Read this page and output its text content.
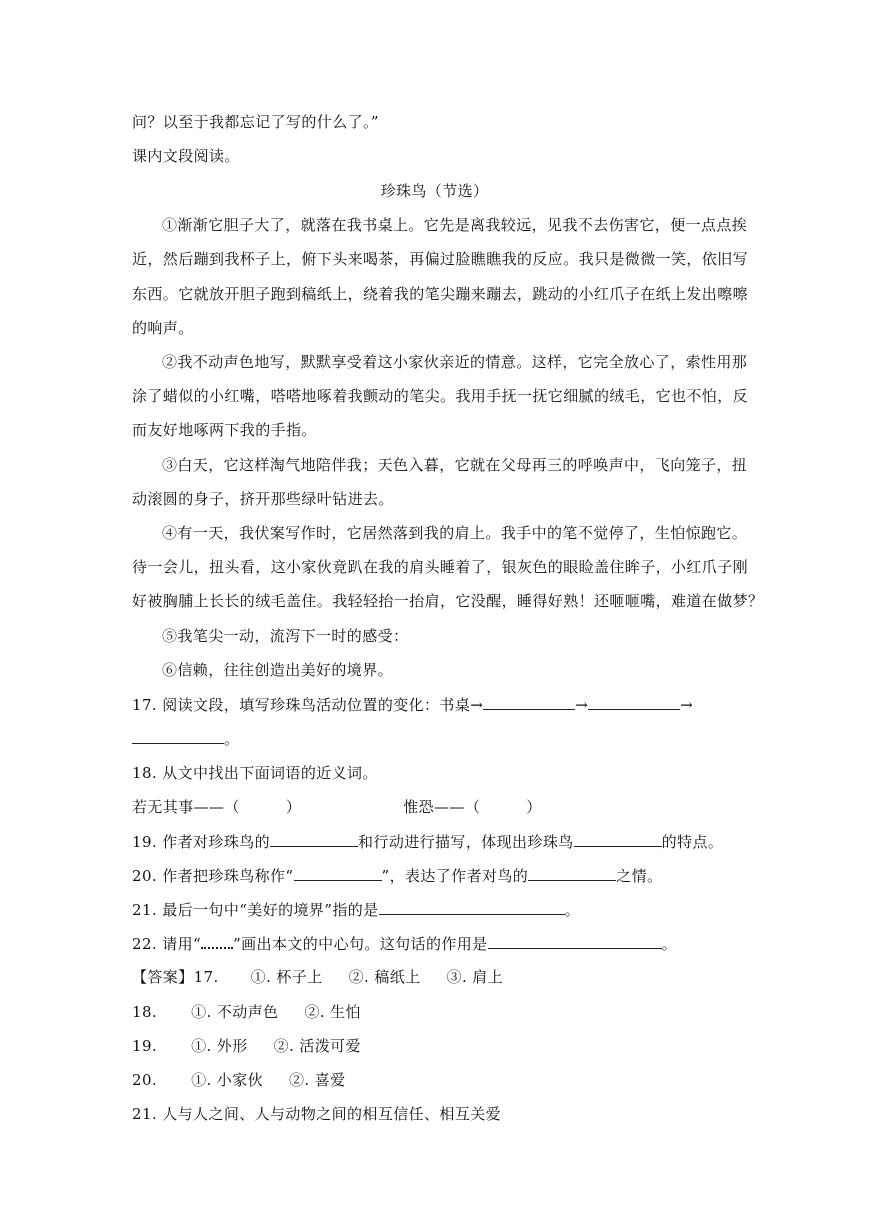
问？以至于我都忘记了写的什么了。”
课内文段阅读。
珍珠鸟（节选）
①渐渐它胆子大了，就落在我书桌上。它先是离我较远，见我不去伤害它，便一点点挨
近，然后蹦到我杯子上，俯下头来喝茶，再偏过脸瞧瞧我的反应。我只是微微一笑，依旧写
东西。它就放开胆子跑到稿纸上，绕着我的笔尖蹦来蹦去，跳动的小红爪子在纸上发出嚓嚓
的响声。
②我不动声色地写，默默享受着这小家伙亲近的情意。这样，它完全放心了，索性用那
涂了蜡似的小红嘴，嗒嗒地啄着我颤动的笔尖。我用手抚一抚它细腻的绒毛，它也不怕，反
而友好地啄两下我的手指。
③白天，它这样淘气地陪伴我；天色入暮，它就在父母再三的呼唤声中，飞向笼子，扭
动滚圆的身子，挤开那些绿叶钻进去。
④有一天，我伏案写作时，它居然落到我的肩上。我手中的笔不觉停了，生怕惊跑它。
待一会儿，扭头看，这小家伙竟趴在我的肩头睡着了，银灰色的眼睑盖住眸子，小红爪子刚
好被胸脯上长长的绒毛盖住。我轻轻抬一抬肩，它没醒，睡得好熟！还咂咂嘴，难道在做梦？
⑤我笔尖一动，流泻下一时的感受：
⑥信赖，往往创造出美好的境界。
17. 阅读文段，填写珍珠鸟活动位置的变化：书桌→	→	→
。
18. 从文中找出下面词语的近义词。
若无其事——（	）	惟恐——（	）
19. 作者对珍珠鸟的	和行动进行描写，体现出珍珠鸟	的特点。
20. 作者把珍珠鸟称作“	”，表达了作者对鸟的	之情。
21. 最后一句中“美好的境界”指的是	。
22. 请用“ ”画出本文的中心句。这句话的作用是	。
【答案】17. ①. 杯子上 ②. 稿纸上 ③. 肩上
18. ①. 不动声色 ②. 生怕
19. ①. 外形 ②. 活泼可爱
20. ①. 小家伙 ②. 喜爱
21. 人与人之间、人与动物之间的相互信任、相互关爱
